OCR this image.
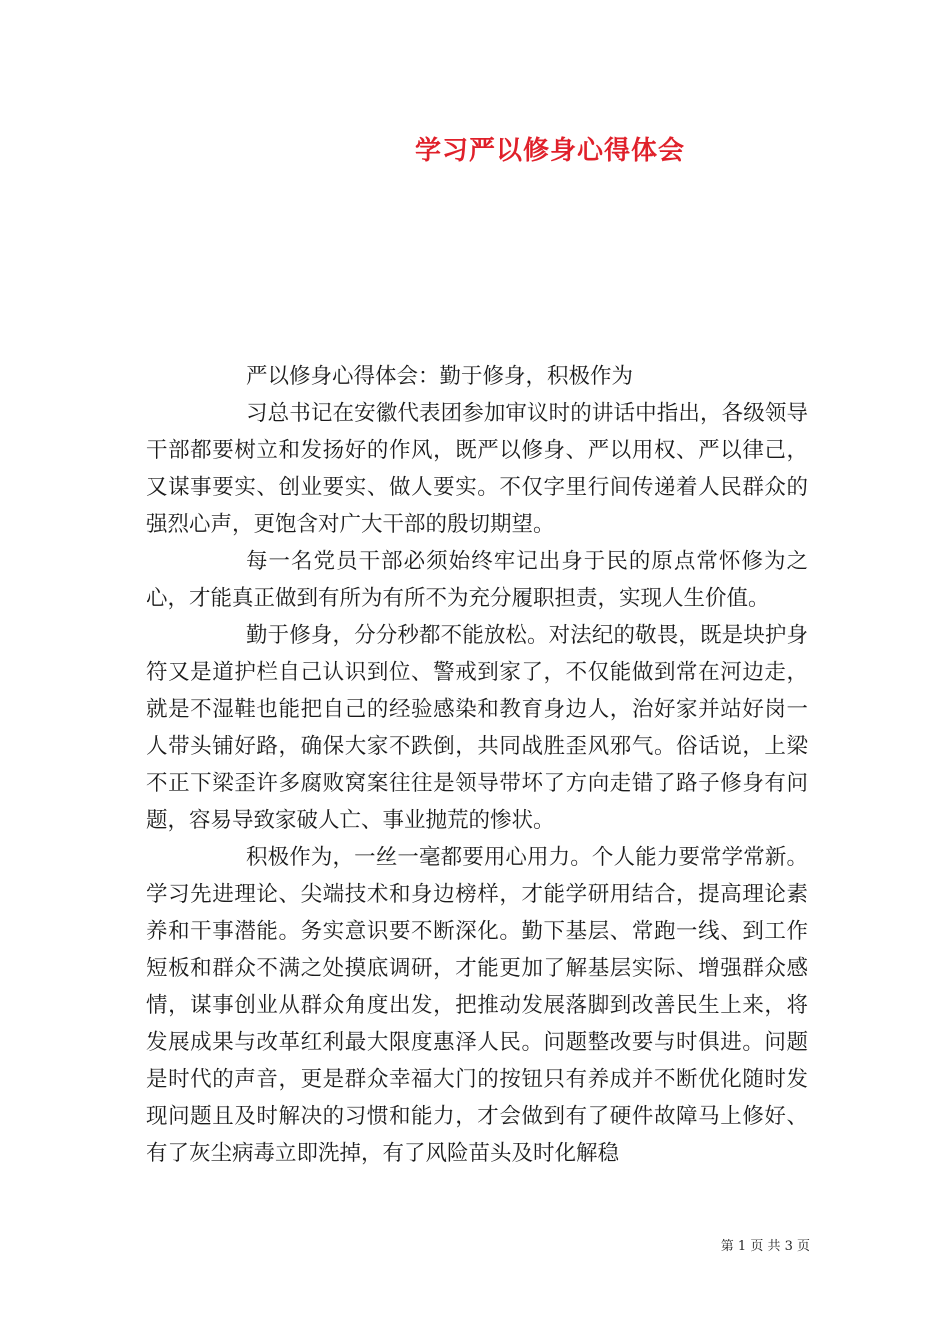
学习严以修身心得体会

严以修身心得体会：勤于修身，积极作为

习总书记在安徽代表团参加审议时的讲话中指出，各级领导干部都要树立和发扬好的作风，既严以修身、严以用权、严以律己，又谋事要实、创业要实、做人要实。不仅字里行间传递着人民群众的强烈心声，更饱含对广大干部的殷切期望。

每一名党员干部必须始终牢记出身于民的原点常怀修为之心，才能真正做到有所为有所不为充分履职担责，实现人生价值。

勤于修身，分分秒都不能放松。对法纪的敬畏，既是块护身符又是道护栏自己认识到位、警戒到家了，不仅能做到常在河边走，就是不湿鞋也能把自己的经验感染和教育身边人，治好家并站好岗一人带头铺好路，确保大家不跌倒，共同战胜歪风邪气。俗话说，上梁不正下梁歪许多腐败窝案往往是领导带坏了方向走错了路子修身有问题，容易导致家破人亡、事业抛荒的惨状。

积极作为，一丝一毫都要用心用力。个人能力要常学常新。学习先进理论、尖端技术和身边榜样，才能学研用结合，提高理论素养和干事潜能。务实意识要不断深化。勤下基层、常跑一线、到工作短板和群众不满之处摸底调研，才能更加了解基层实际、增强群众感情，谋事创业从群众角度出发，把推动发展落脚到改善民生上来，将发展成果与改革红利最大限度惠泽人民。问题整改要与时俱进。问题是时代的声音，更是群众幸福大门的按钮只有养成并不断优化随时发现问题且及时解决的习惯和能力，才会做到有了硬件故障马上修好、有了灰尘病毒立即洗掉，有了风险苗头及时化解稳

第 1 页 共 3 页
